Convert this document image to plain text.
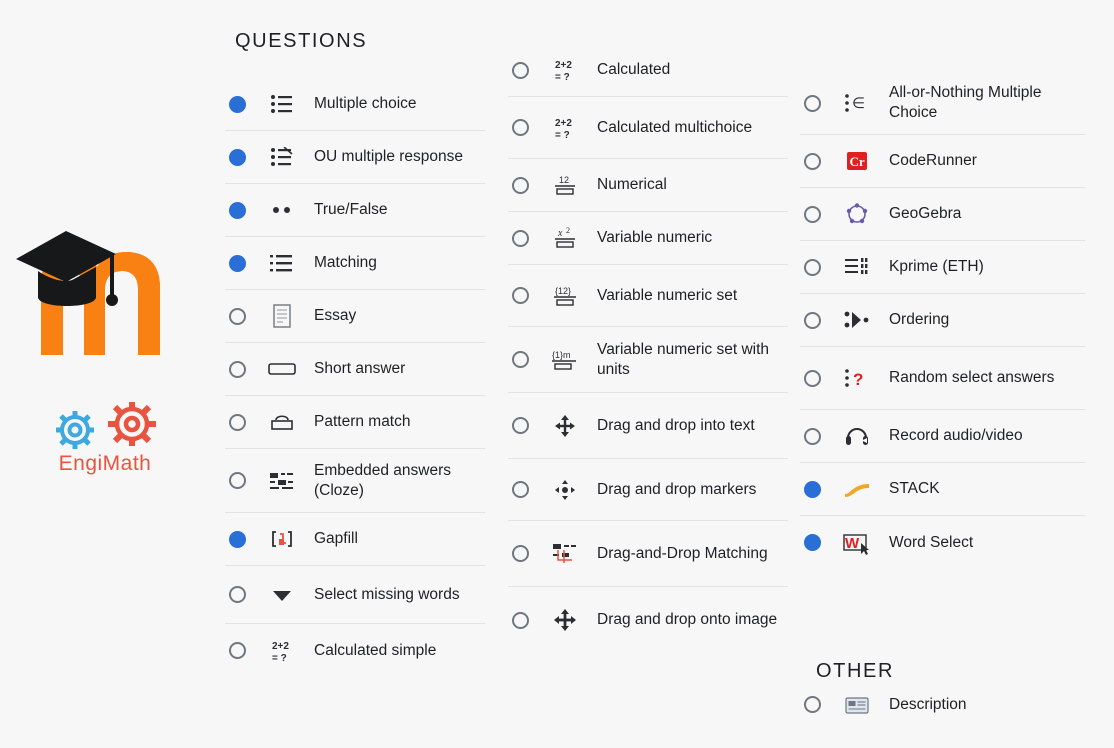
EngiMath
QUESTIONS
Multiple choice
OU multiple response
True/False
Matching
Essay
Short answer
Pattern match
Embedded answers (Cloze)
Gapfill
Select missing words
2+2
= ? Calculated simple
2+2
= ? Calculated
2+2
= ? Calculated multichoice
12 Numerical
x 2 Variable numeric
{12} Variable numeric set
{1}m Variable numeric set with units
Drag and drop into text
Drag and drop markers
Drag-and-Drop Matching
Drag and drop onto image
∈
All-or-Nothing Multiple Choice
Cr CodeRunner
GeoGebra
Kprime (ETH)
Ordering
? Random select answers
Record audio/video
STACK
W Word Select
OTHER
Description
